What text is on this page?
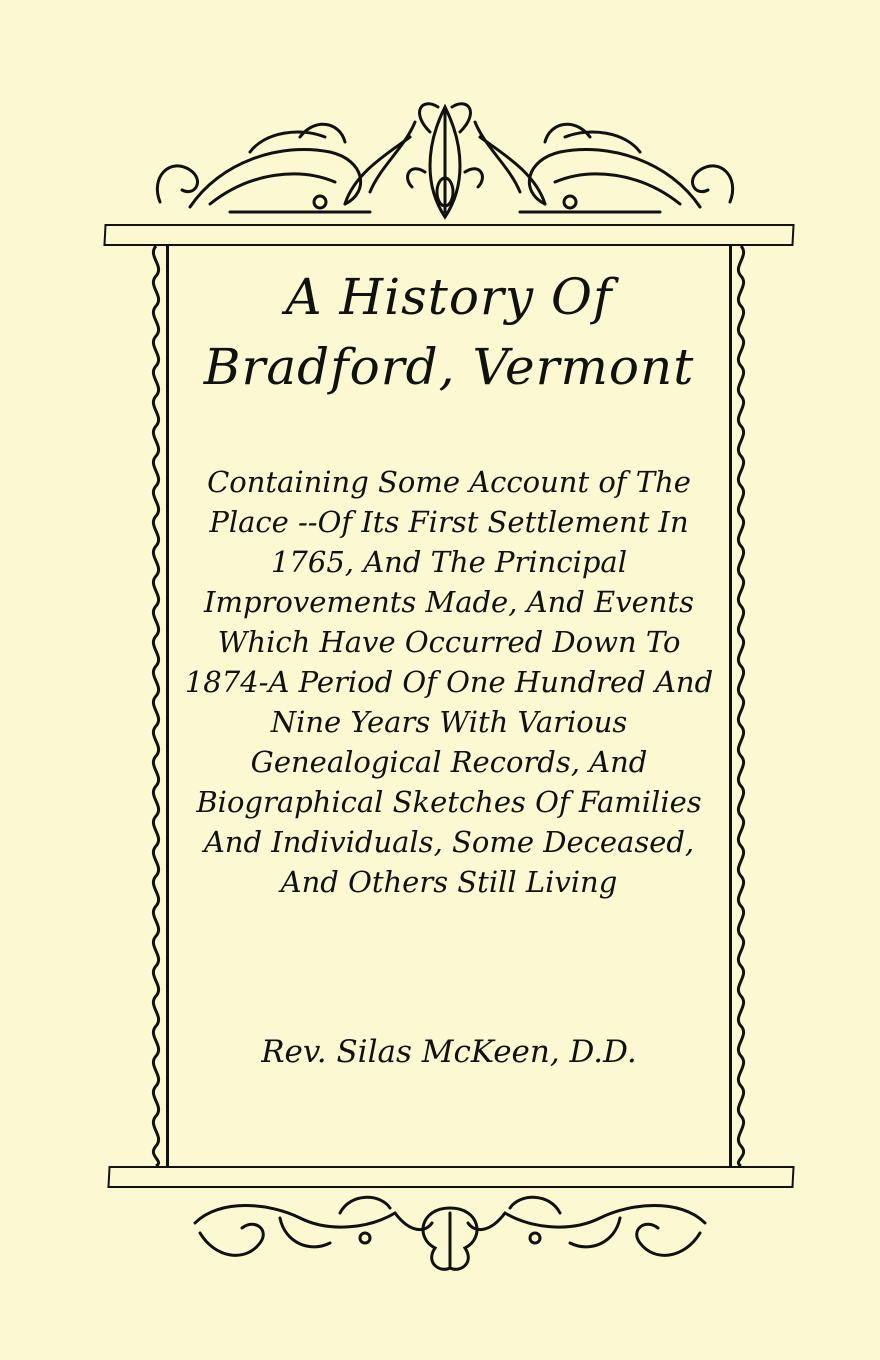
A History Of
Bradford, Vermont

Containing Some Account of The Place --Of Its First Settlement In 1765, And The Principal Improvements Made, And Events Which Have Occurred Down To 1874-A Period Of One Hundred And Nine Years With Various Genealogical Records, And Biographical Sketches Of Families And Individuals, Some Deceased, And Others Still Living

Rev. Silas McKeen, D.D.
